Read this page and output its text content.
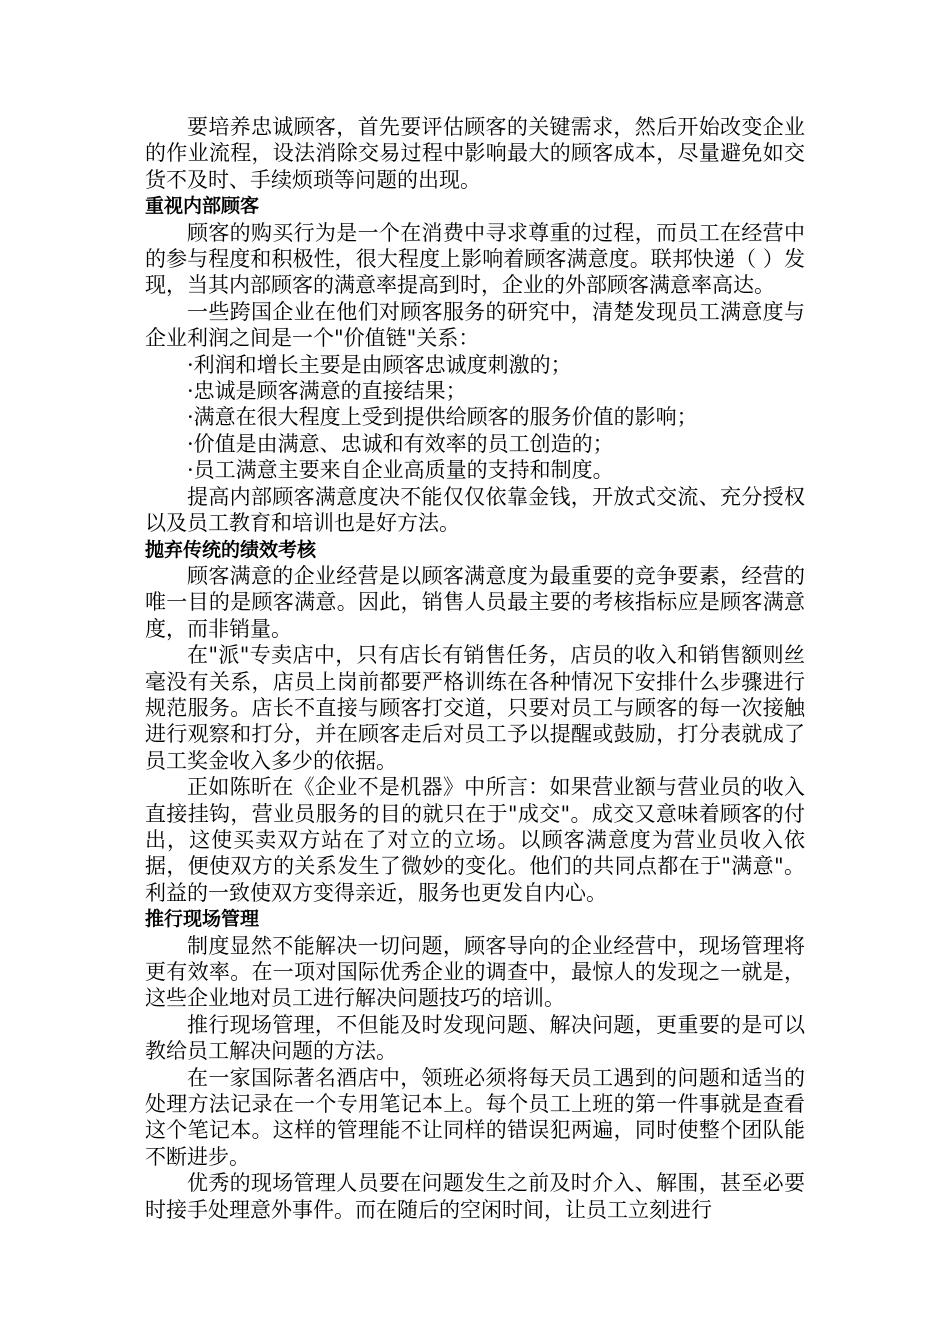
要培养忠诚顾客，首先要评估顾客的关键需求，然后开始改变企业的作业流程，设法消除交易过程中影响最大的顾客成本，尽量避免如交货不及时、手续烦琐等问题的出现。

重视内部顾客

顾客的购买行为是一个在消费中寻求尊重的过程，而员工在经营中的参与程度和积极性，很大程度上影响着顾客满意度。联邦快递（ ）发现，当其内部顾客的满意率提高到时，企业的外部顾客满意率高达。

一些跨国企业在他们对顾客服务的研究中，清楚发现员工满意度与企业利润之间是一个"价值链"关系：

·利润和增长主要是由顾客忠诚度刺激的；

·忠诚是顾客满意的直接结果；

·满意在很大程度上受到提供给顾客的服务价值的影响；

·价值是由满意、忠诚和有效率的员工创造的；

·员工满意主要来自企业高质量的支持和制度。

提高内部顾客满意度决不能仅仅依靠金钱，开放式交流、充分授权以及员工教育和培训也是好方法。

抛弃传统的绩效考核

顾客满意的企业经营是以顾客满意度为最重要的竞争要素，经营的唯一目的是顾客满意。因此，销售人员最主要的考核指标应是顾客满意度，而非销量。

在"派"专卖店中，只有店长有销售任务，店员的收入和销售额则丝毫没有关系，店员上岗前都要严格训练在各种情况下安排什么步骤进行规范服务。店长不直接与顾客打交道，只要对员工与顾客的每一次接触进行观察和打分，并在顾客走后对员工予以提醒或鼓励，打分表就成了员工奖金收入多少的依据。

正如陈昕在《企业不是机器》中所言：如果营业额与营业员的收入直接挂钩，营业员服务的目的就只在于"成交"。成交又意味着顾客的付出，这使买卖双方站在了对立的立场。以顾客满意度为营业员收入依据，便使双方的关系发生了微妙的变化。他们的共同点都在于"满意"。利益的一致使双方变得亲近，服务也更发自内心。

推行现场管理

制度显然不能解决一切问题，顾客导向的企业经营中，现场管理将更有效率。在一项对国际优秀企业的调查中，最惊人的发现之一就是，这些企业地对员工进行解决问题技巧的培训。

推行现场管理，不但能及时发现问题、解决问题，更重要的是可以教给员工解决问题的方法。

在一家国际著名酒店中，领班必须将每天员工遇到的问题和适当的处理方法记录在一个专用笔记本上。每个员工上班的第一件事就是查看这个笔记本。这样的管理能不让同样的错误犯两遍，同时使整个团队能不断进步。

优秀的现场管理人员要在问题发生之前及时介入、解围，甚至必要时接手处理意外事件。而在随后的空闲时间，让员工立刻进行
